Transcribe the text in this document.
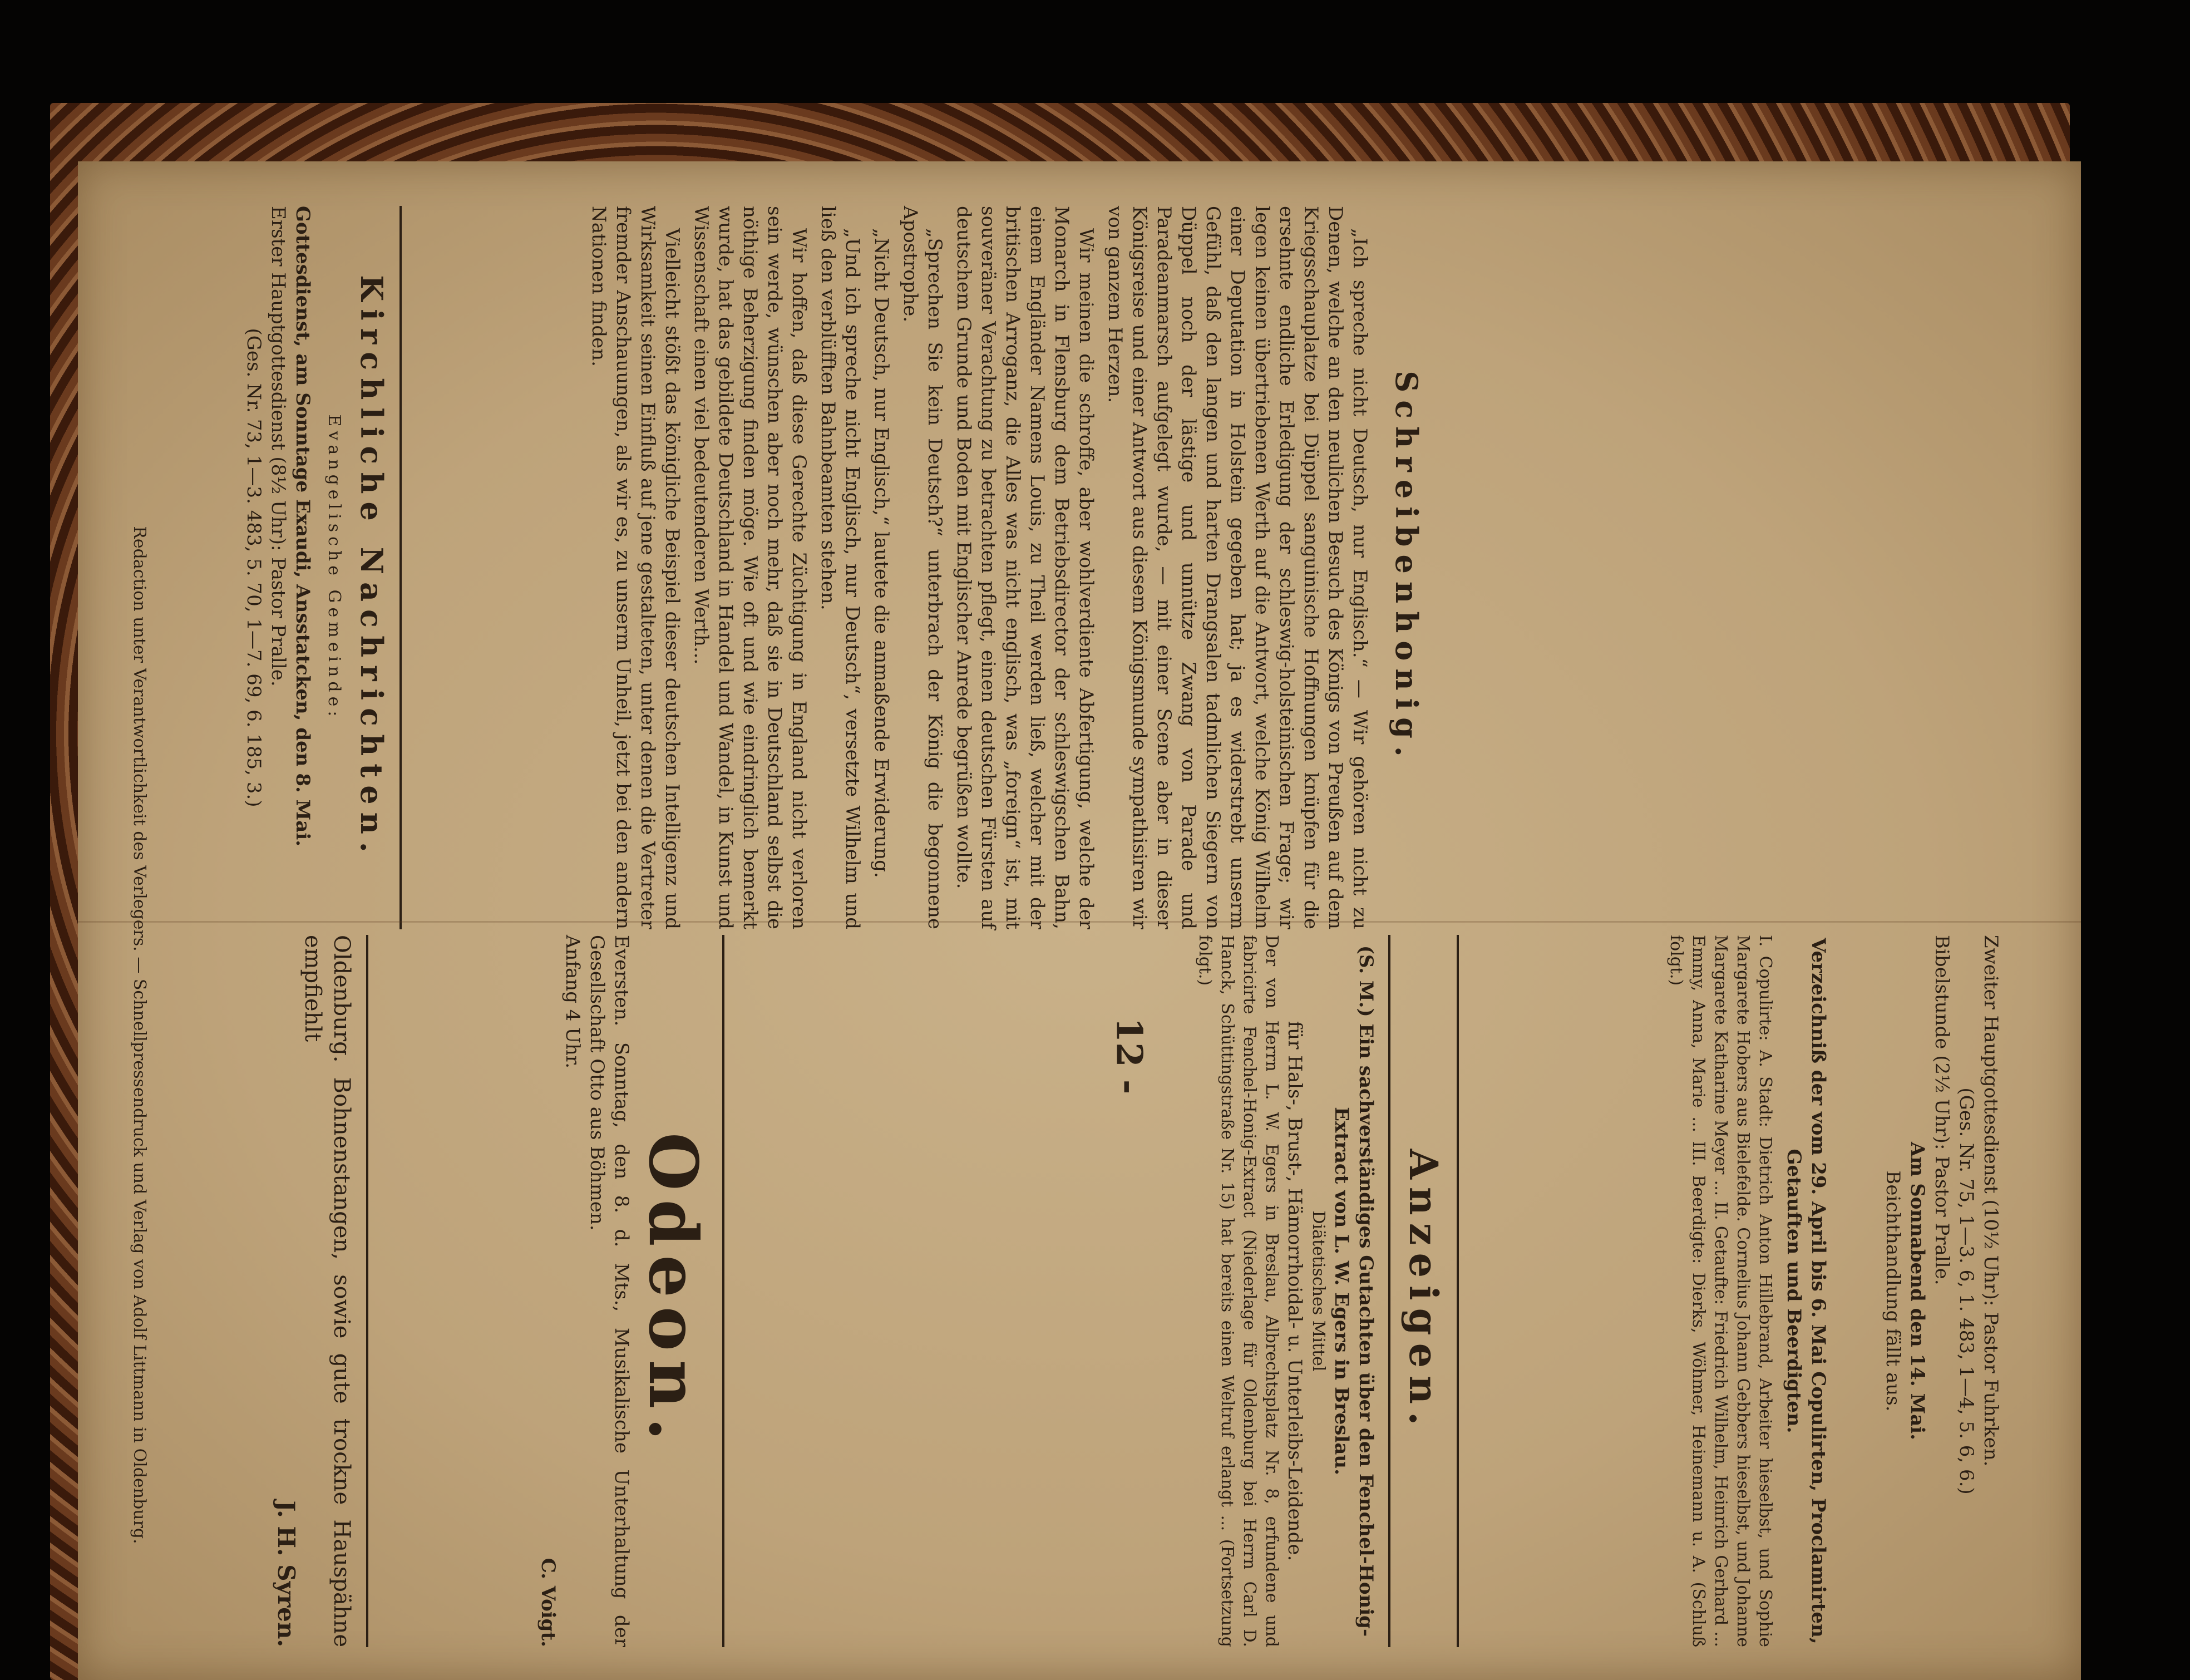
12 -
Schreibenhonig.

„Ich spreche nicht Deutsch, nur Englisch.“ — Wir gehören nicht zu Denen, welche an den neulichen Besuch des Königs von Preußen auf dem Kriegsschauplatze bei Düppel sanguinische Hoffnungen knüpfen für die ersehnte endliche Erledigung der schleswig-holsteinischen Frage; wir legen keinen übertriebenen Werth auf die Antwort, welche König Wilhelm einer Deputation in Holstein gegeben hat; ja es widerstrebt unserm Gefühl, daß den langen und harten Drangsalen tadmlichen Siegern von Düppel noch der lästige und unnütze Zwang von Parade und Paradeanmarsch aufgelegt wurde, — mit einer Scene aber in dieser Königsreise und einer Antwort aus diesem Königsmunde sympathisiren wir von ganzem Herzen.

Wir meinen die schroffe, aber wohlverdiente Abfertigung, welche der Monarch in Flensburg dem Betriebsdirector der schleswigschen Bahn, einem Engländer Namens Louis, zu Theil werden ließ, welcher mit der britischen Arroganz, die Alles was nicht englisch, was „foreign“ ist, mit souveräner Verachtung zu betrachten pflegt, einen deutschen Fürsten auf deutschem Grunde und Boden mit Englischer Anrede begrüßen wollte.

„Sprechen Sie kein Deutsch?“ unterbrach der König die begonnene Apostrophe.

„Nicht Deutsch, nur Englisch,“ lautete die anmaßende Erwiderung.

„Und ich spreche nicht Englisch, nur Deutsch“, versetzte Wilhelm und ließ den verblüfften Bahnbeamten stehen.

Wir hoffen, daß diese Gerechte Züchtigung in England nicht verloren sein werde, wünschen aber noch mehr, daß sie in Deutschland selbst die nöthige Beherzigung finden möge. Wie oft und wie eindringlich bemerkt wurde, hat das gebildete Deutschland in Handel und Wandel, in Kunst und Wissenschaft einen viel bedeutenderen Werth...

Vielleicht stößt das königliche Beispiel dieser deutschen Intelligenz und Wirksamkeit seinen Einfluß auf jene gestalteten, unter denen die Vertreter fremder Anschauungen, als wir es, zu unserm Unheil, jetzt bei den andern Nationen finden.

Kirchliche Nachrichten.
Evangelische Gemeinde:
Gottesdienst, am Sonntage Exaudi, Ansstatcken, den 8. Mai.
Erster Hauptgottesdienst (8½ Uhr): Pastor Pralle.
(Ges. Nr. 73, 1—3. 483, 5. 70, 1—7. 69, 6. 185, 3.)
Redaction unter Verantwortlichkeit des Verlegers. — Schnellpressendruck und Verlag von Adolf Littmann in Oldenburg.	Zweiter Hauptgottesdienst (10½ Uhr): Pastor Fuhrken.
(Ges. Nr. 75, 1—3. 6, 1. 483, 1—4, 5. 6, 6.)
Bibelstunde (2½ Uhr): Pastor Pralle.
Am Sonnabend den 14. Mai.
Beichthandlung fällt aus.
Verzeichniß der vom 29. April bis 6. Mai Copulirten, Proclamirten, Getauften und Beerdigten.
I. Copulirte: A. Stadt: Dietrich Anton Hillebrand, Arbeiter hieselbst, und Sophie Margarete Hobers aus Bielefelde. Cornelius Johann Gebbers hieselbst, und Johanne Margarete Katharine Meyer ... II. Getaufte: Friedrich Wilhelm, Heinrich Gerhard ... Emmy, Anna, Marie ... III. Beerdigte: Dierks, Wöhmer, Heinemann u. A. (Schluß folgt.)
Anzeigen.
(S. M.) Ein sachverständiges Gutachten über den Fenchel-Honig-Extract von L. W. Egers in Breslau.
Diätetisches Mittel
für Hals-, Brust-, Hämorrhoidal- u. Unterleibs-Leidende.
Der von Herrn L. W. Egers in Breslau, Albrechtsplatz Nr. 8, erfundene und fabricirte Fenchel-Honig-Extract (Niederlage für Oldenburg bei Herrn Carl D. Hanck, Schüttingstraße Nr. 15) hat bereits einen Weltruf erlangt ... (Fortsetzung folgt.)
Odeon.
Eversten. Sonntag, den 8. d. Mts., Musikalische Unterhaltung der Gesellschaft Otto aus Böhmen.
Anfang 4 Uhr.
C. Voigt.
Oldenburg. Bohnenstangen, sowie gute trockne Hauspähne empfiehlt
J. H. Syren.
